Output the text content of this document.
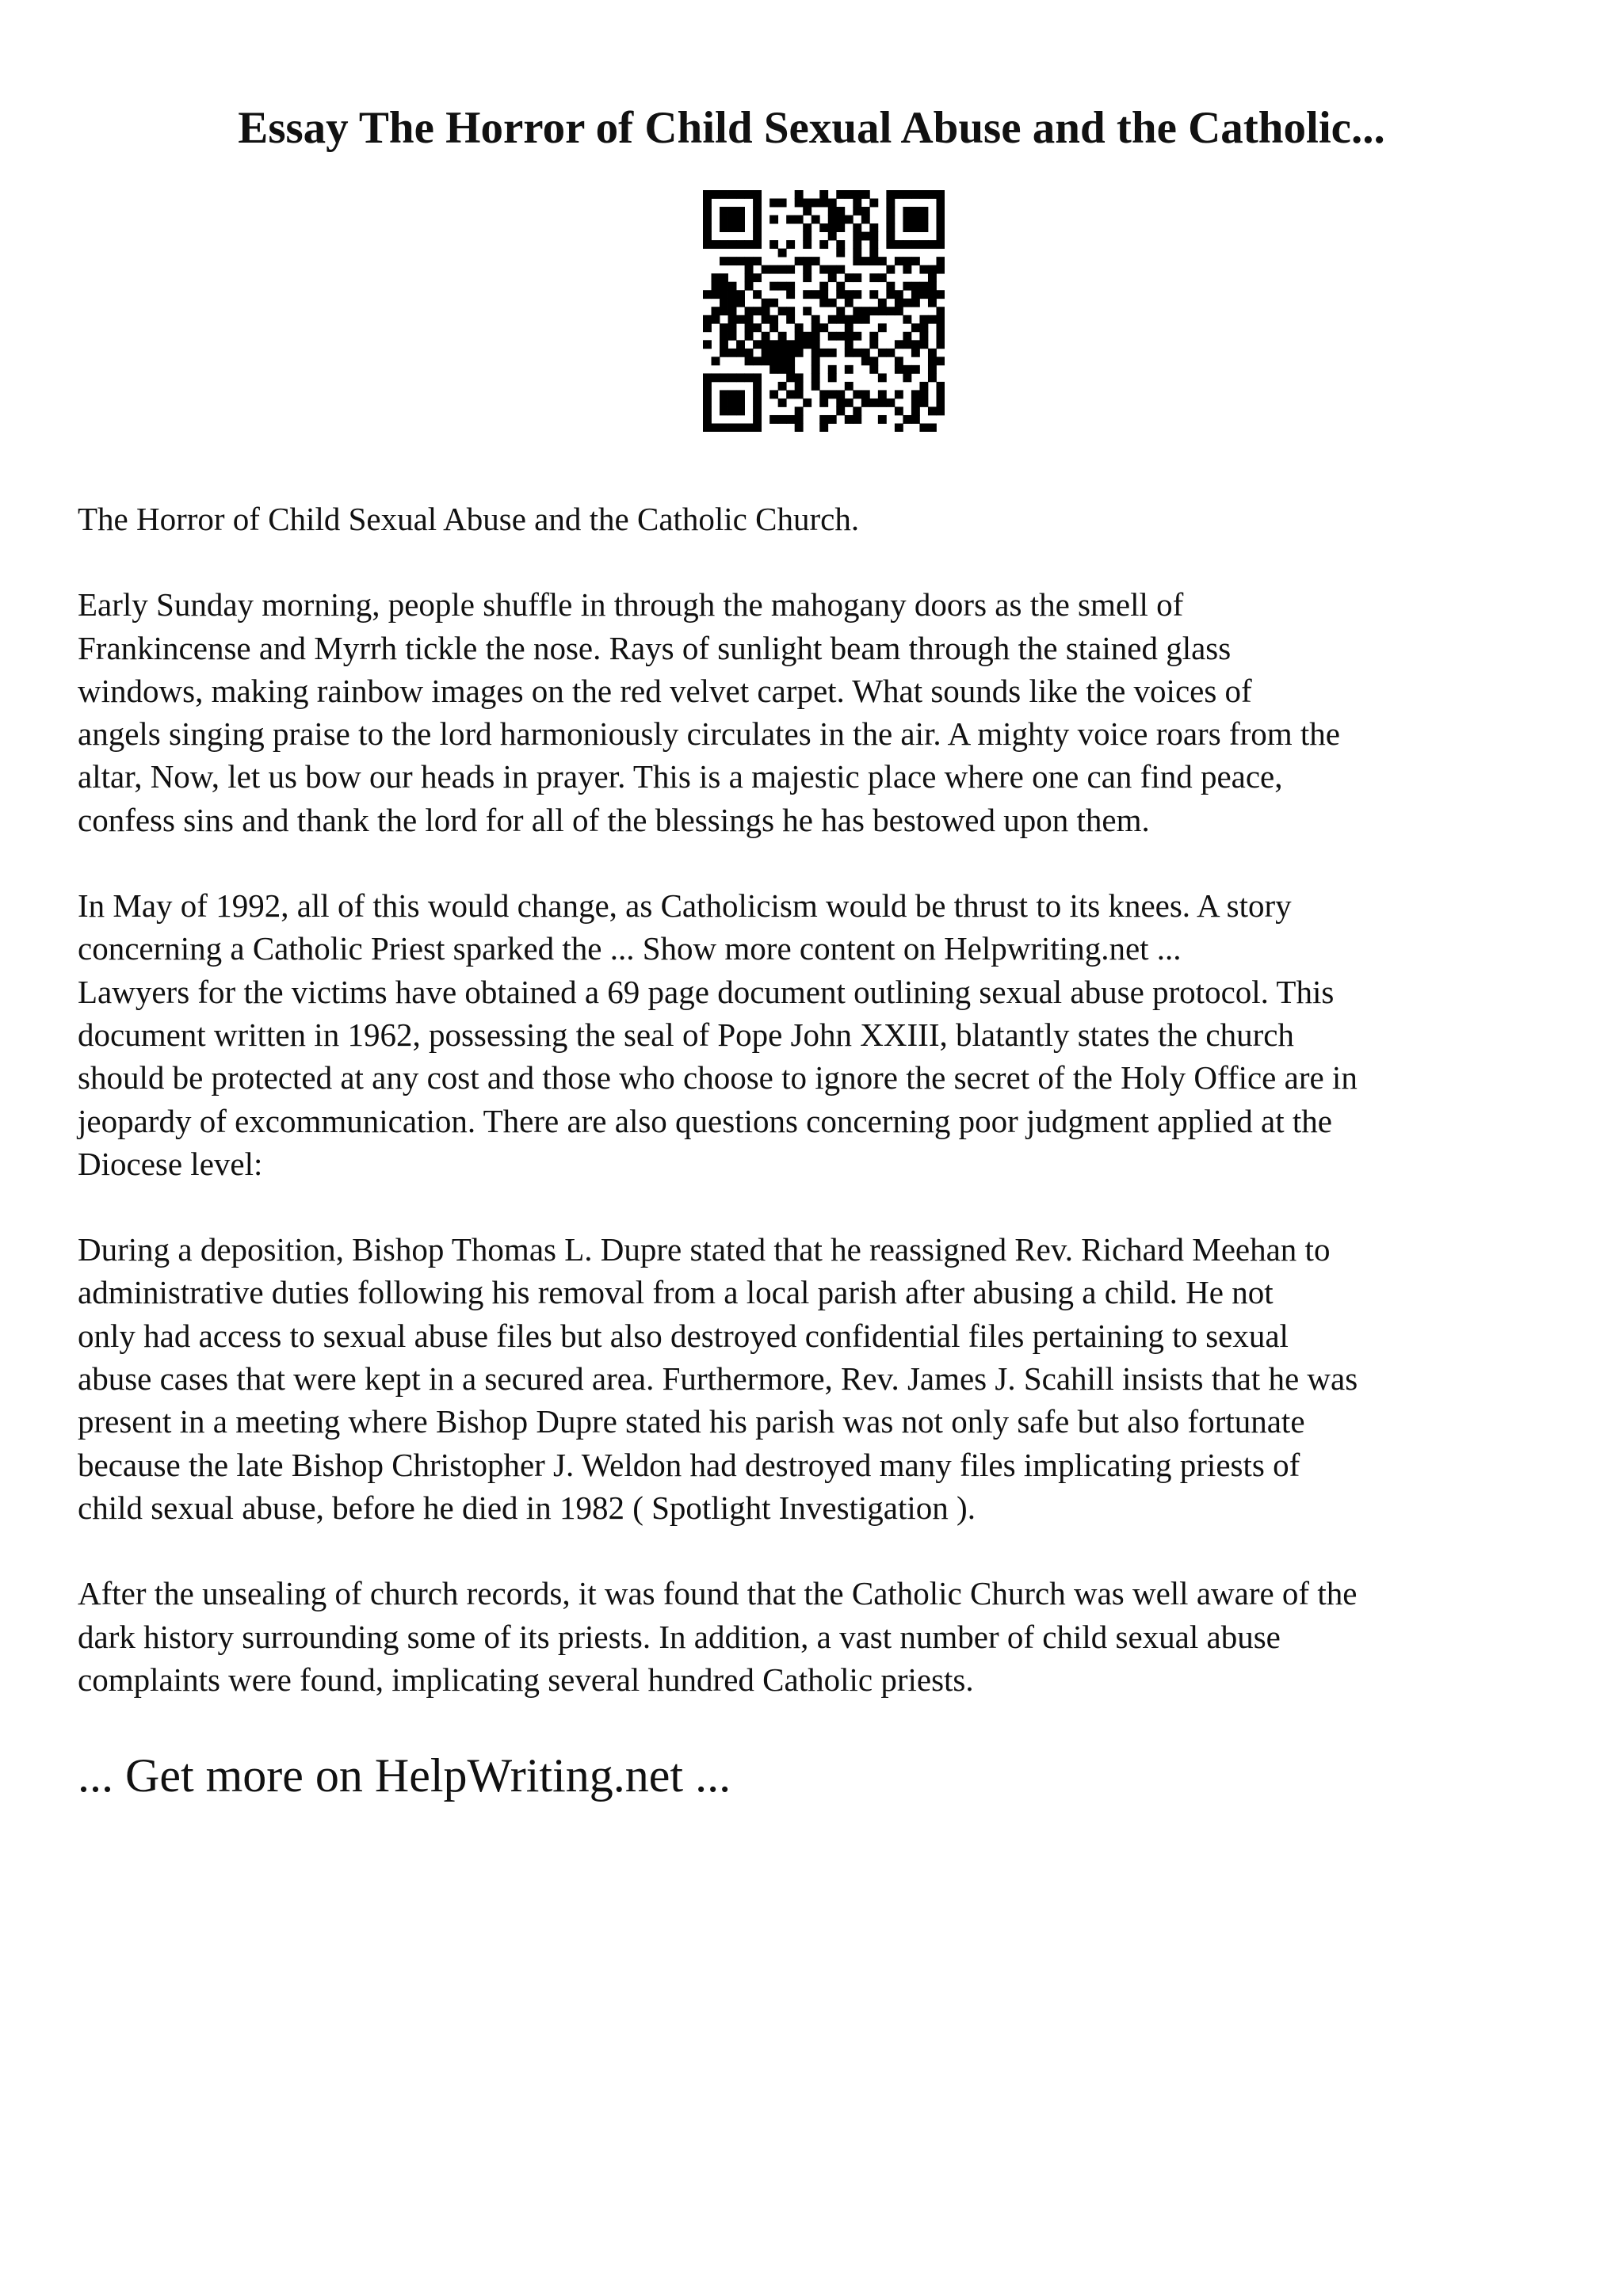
Essay The Horror of Child Sexual Abuse and the Catholic...

The Horror of Child Sexual Abuse and the Catholic Church.

Early Sunday morning, people shuffle in through the mahogany doors as the smell of
Frankincense and Myrrh tickle the nose. Rays of sunlight beam through the stained glass
windows, making rainbow images on the red velvet carpet. What sounds like the voices of
angels singing praise to the lord harmoniously circulates in the air. A mighty voice roars from the
altar, Now, let us bow our heads in prayer. This is a majestic place where one can find peace,
confess sins and thank the lord for all of the blessings he has bestowed upon them.

In May of 1992, all of this would change, as Catholicism would be thrust to its knees. A story
concerning a Catholic Priest sparked the ... Show more content on Helpwriting.net ...
Lawyers for the victims have obtained a 69 page document outlining sexual abuse protocol. This
document written in 1962, possessing the seal of Pope John XXIII, blatantly states the church
should be protected at any cost and those who choose to ignore the secret of the Holy Office are in
jeopardy of excommunication. There are also questions concerning poor judgment applied at the
Diocese level:

During a deposition, Bishop Thomas L. Dupre stated that he reassigned Rev. Richard Meehan to
administrative duties following his removal from a local parish after abusing a child. He not
only had access to sexual abuse files but also destroyed confidential files pertaining to sexual
abuse cases that were kept in a secured area. Furthermore, Rev. James J. Scahill insists that he was
present in a meeting where Bishop Dupre stated his parish was not only safe but also fortunate
because the late Bishop Christopher J. Weldon had destroyed many files implicating priests of
child sexual abuse, before he died in 1982 ( Spotlight Investigation ).

After the unsealing of church records, it was found that the Catholic Church was well aware of the
dark history surrounding some of its priests. In addition, a vast number of child sexual abuse
complaints were found, implicating several hundred Catholic priests.

... Get more on HelpWriting.net ...
